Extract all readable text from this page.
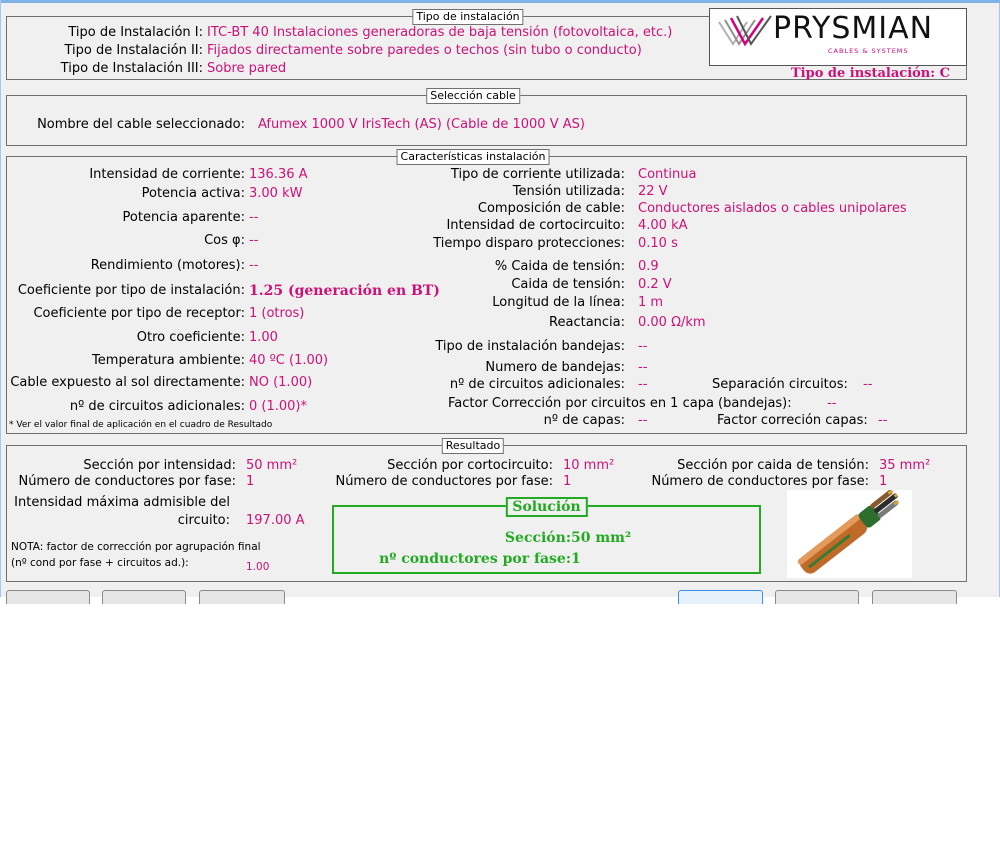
Tipo de instalación
Tipo de Instalación I: ITC-BT 40 Instalaciones generadoras de baja tensión (fotovoltaica, etc.)
Tipo de Instalación II: Fijados directamente sobre paredes o techos (sin tubo o conducto)
Tipo de Instalación III: Sobre pared
PRYSMIAN
CABLES & SYSTEMS
Tipo de instalación: C
Selección cable
Nombre del cable seleccionado: Afumex 1000 V IrisTech (AS) (Cable de 1000 V AS)
Características instalación
Intensidad de corriente: 136.36 A
Potencia activa: 3.00 kW
Potencia aparente: --
Cos φ: --
Rendimiento (motores): --
Coeficiente por tipo de instalación: 1.25 (generación en BT)
Coeficiente por tipo de receptor: 1 (otros)
Otro coeficiente: 1.00
Temperatura ambiente: 40 ºC (1.00)
Cable expuesto al sol directamente: NO (1.00)
nº de circuitos adicionales: 0 (1.00)*
* Ver el valor final de aplicación en el cuadro de Resultado
Tipo de corriente utilizada: Continua
Tensión utilizada: 22 V
Composición de cable: Conductores aislados o cables unipolares
Intensidad de cortocircuito: 4.00 kA
Tiempo disparo protecciones: 0.10 s
% Caida de tensión: 0.9
Caida de tensión: 0.2 V
Longitud de la línea: 1 m
Reactancia: 0.00 Ω/km
Tipo de instalación bandejas: --
Numero de bandejas: --
nº de circuitos adicionales: --	Separación circuitos: --
Factor Corrección por circuitos en 1 capa (bandejas):	--
nº de capas: --	Factor correción capas: --
Resultado
Sección por intensidad: 50 mm²
Número de conductores por fase: 1
Sección por cortocircuito: 10 mm²
Número de conductores por fase: 1
Sección por caida de tensión: 35 mm²
Número de conductores por fase: 1
Intensidad máxima admisible del
circuito: 197.00 A
NOTA: factor de corrección por agrupación final
(nº cond por fase + circuitos ad.):	1.00
Solución
Sección: 50 mm²
nº conductores por fase: 1
